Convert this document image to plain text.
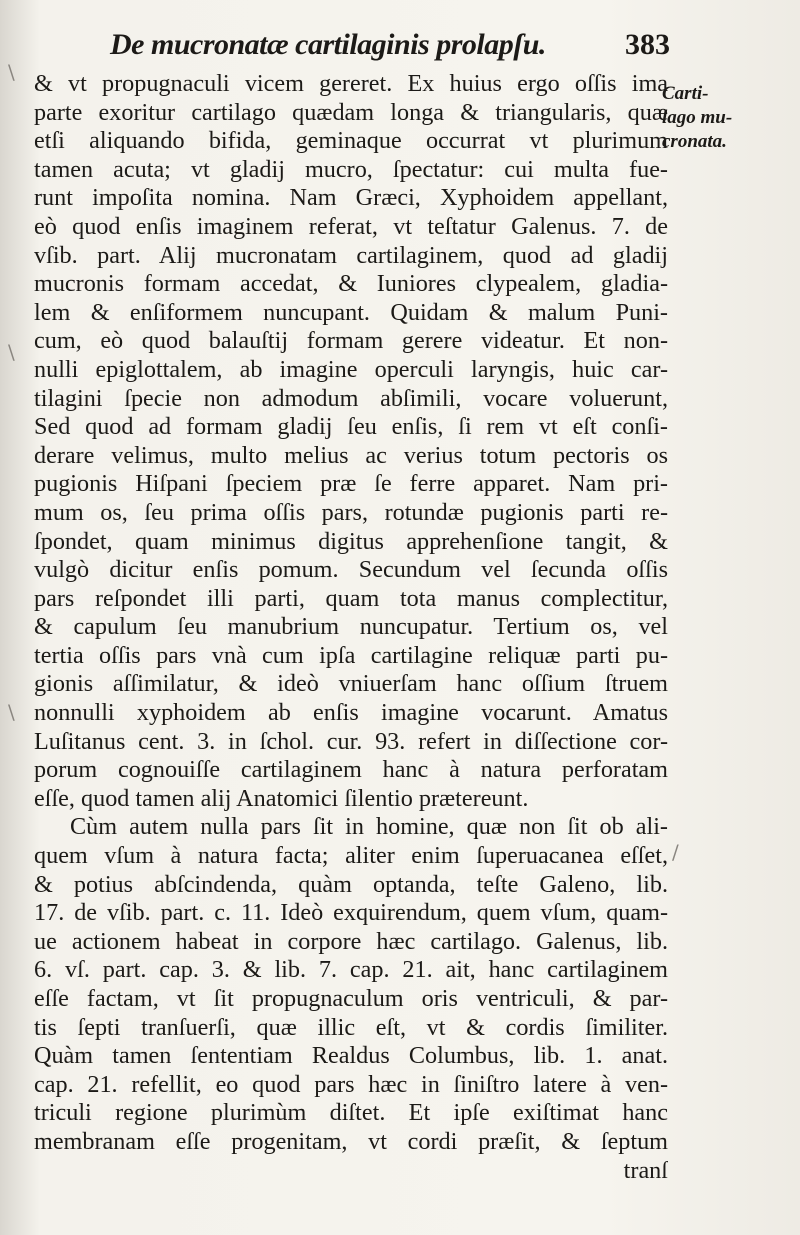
De mucronatæ cartilaginis prolapſu.	383
Carti-
lago mu-
cronata.
& vt propugnaculi vicem gereret. Ex huius ergo oſſis ima
parte exoritur cartilago quædam longa & triangularis, quæ
etſi aliquando bifida, geminaque occurrat vt plurimum
tamen acuta; vt gladij mucro, ſpectatur: cui multa fue-
runt impoſita nomina. Nam Græci, Xyphoidem appellant,
eò quod enſis imaginem referat, vt teſtatur Galenus. 7. de
vſib. part. Alij mucronatam cartilaginem, quod ad gladij
mucronis formam accedat, & Iuniores clypealem, gladia-
lem & enſiformem nuncupant. Quidam & malum Puni-
cum, eò quod balauſtij formam gerere videatur. Et non-
nulli epiglottalem, ab imagine operculi laryngis, huic car-
tilagini ſpecie non admodum abſimili, vocare voluerunt,
Sed quod ad formam gladij ſeu enſis, ſi rem vt eſt conſi-
derare velimus, multo melius ac verius totum pectoris os
pugionis Hiſpani ſpeciem præ ſe ferre apparet. Nam pri-
mum os, ſeu prima oſſis pars, rotundæ pugionis parti re-
ſpondet, quam minimus digitus apprehenſione tangit, &
vulgò dicitur enſis pomum. Secundum vel ſecunda oſſis
pars reſpondet illi parti, quam tota manus complectitur,
& capulum ſeu manubrium nuncupatur. Tertium os, vel
tertia oſſis pars vnà cum ipſa cartilagine reliquæ parti pu-
gionis aſſimilatur, & ideò vniuerſam hanc oſſium ſtruem
nonnulli xyphoidem ab enſis imagine vocarunt. Amatus
Luſitanus cent. 3. in ſchol. cur. 93. refert in diſſectione cor-
porum cognouiſſe cartilaginem hanc à natura perforatam
eſſe, quod tamen alij Anatomici ſilentio prætereunt.
Cùm autem nulla pars ſit in homine, quæ non ſit ob ali-
quem vſum à natura facta; aliter enim ſuperuacanea eſſet,
& potius abſcindenda, quàm optanda, teſte Galeno, lib.
17. de vſib. part. c. 11. Ideò exquirendum, quem vſum, quam-
ue actionem habeat in corpore hæc cartilago. Galenus, lib.
6. vſ. part. cap. 3. & lib. 7. cap. 21. ait, hanc cartilaginem
eſſe factam, vt ſit propugnaculum oris ventriculi, & par-
tis ſepti tranſuerſi, quæ illic eſt, vt & cordis ſimiliter.
Quàm tamen ſententiam Realdus Columbus, lib. 1. anat.
cap. 21. refellit, eo quod pars hæc in ſiniſtro latere à ven-
triculi regione plurimùm diſtet. Et ipſe exiſtimat hanc
membranam eſſe progenitam, vt cordi præſit, & ſeptum
tranſ
\
\
\
/
